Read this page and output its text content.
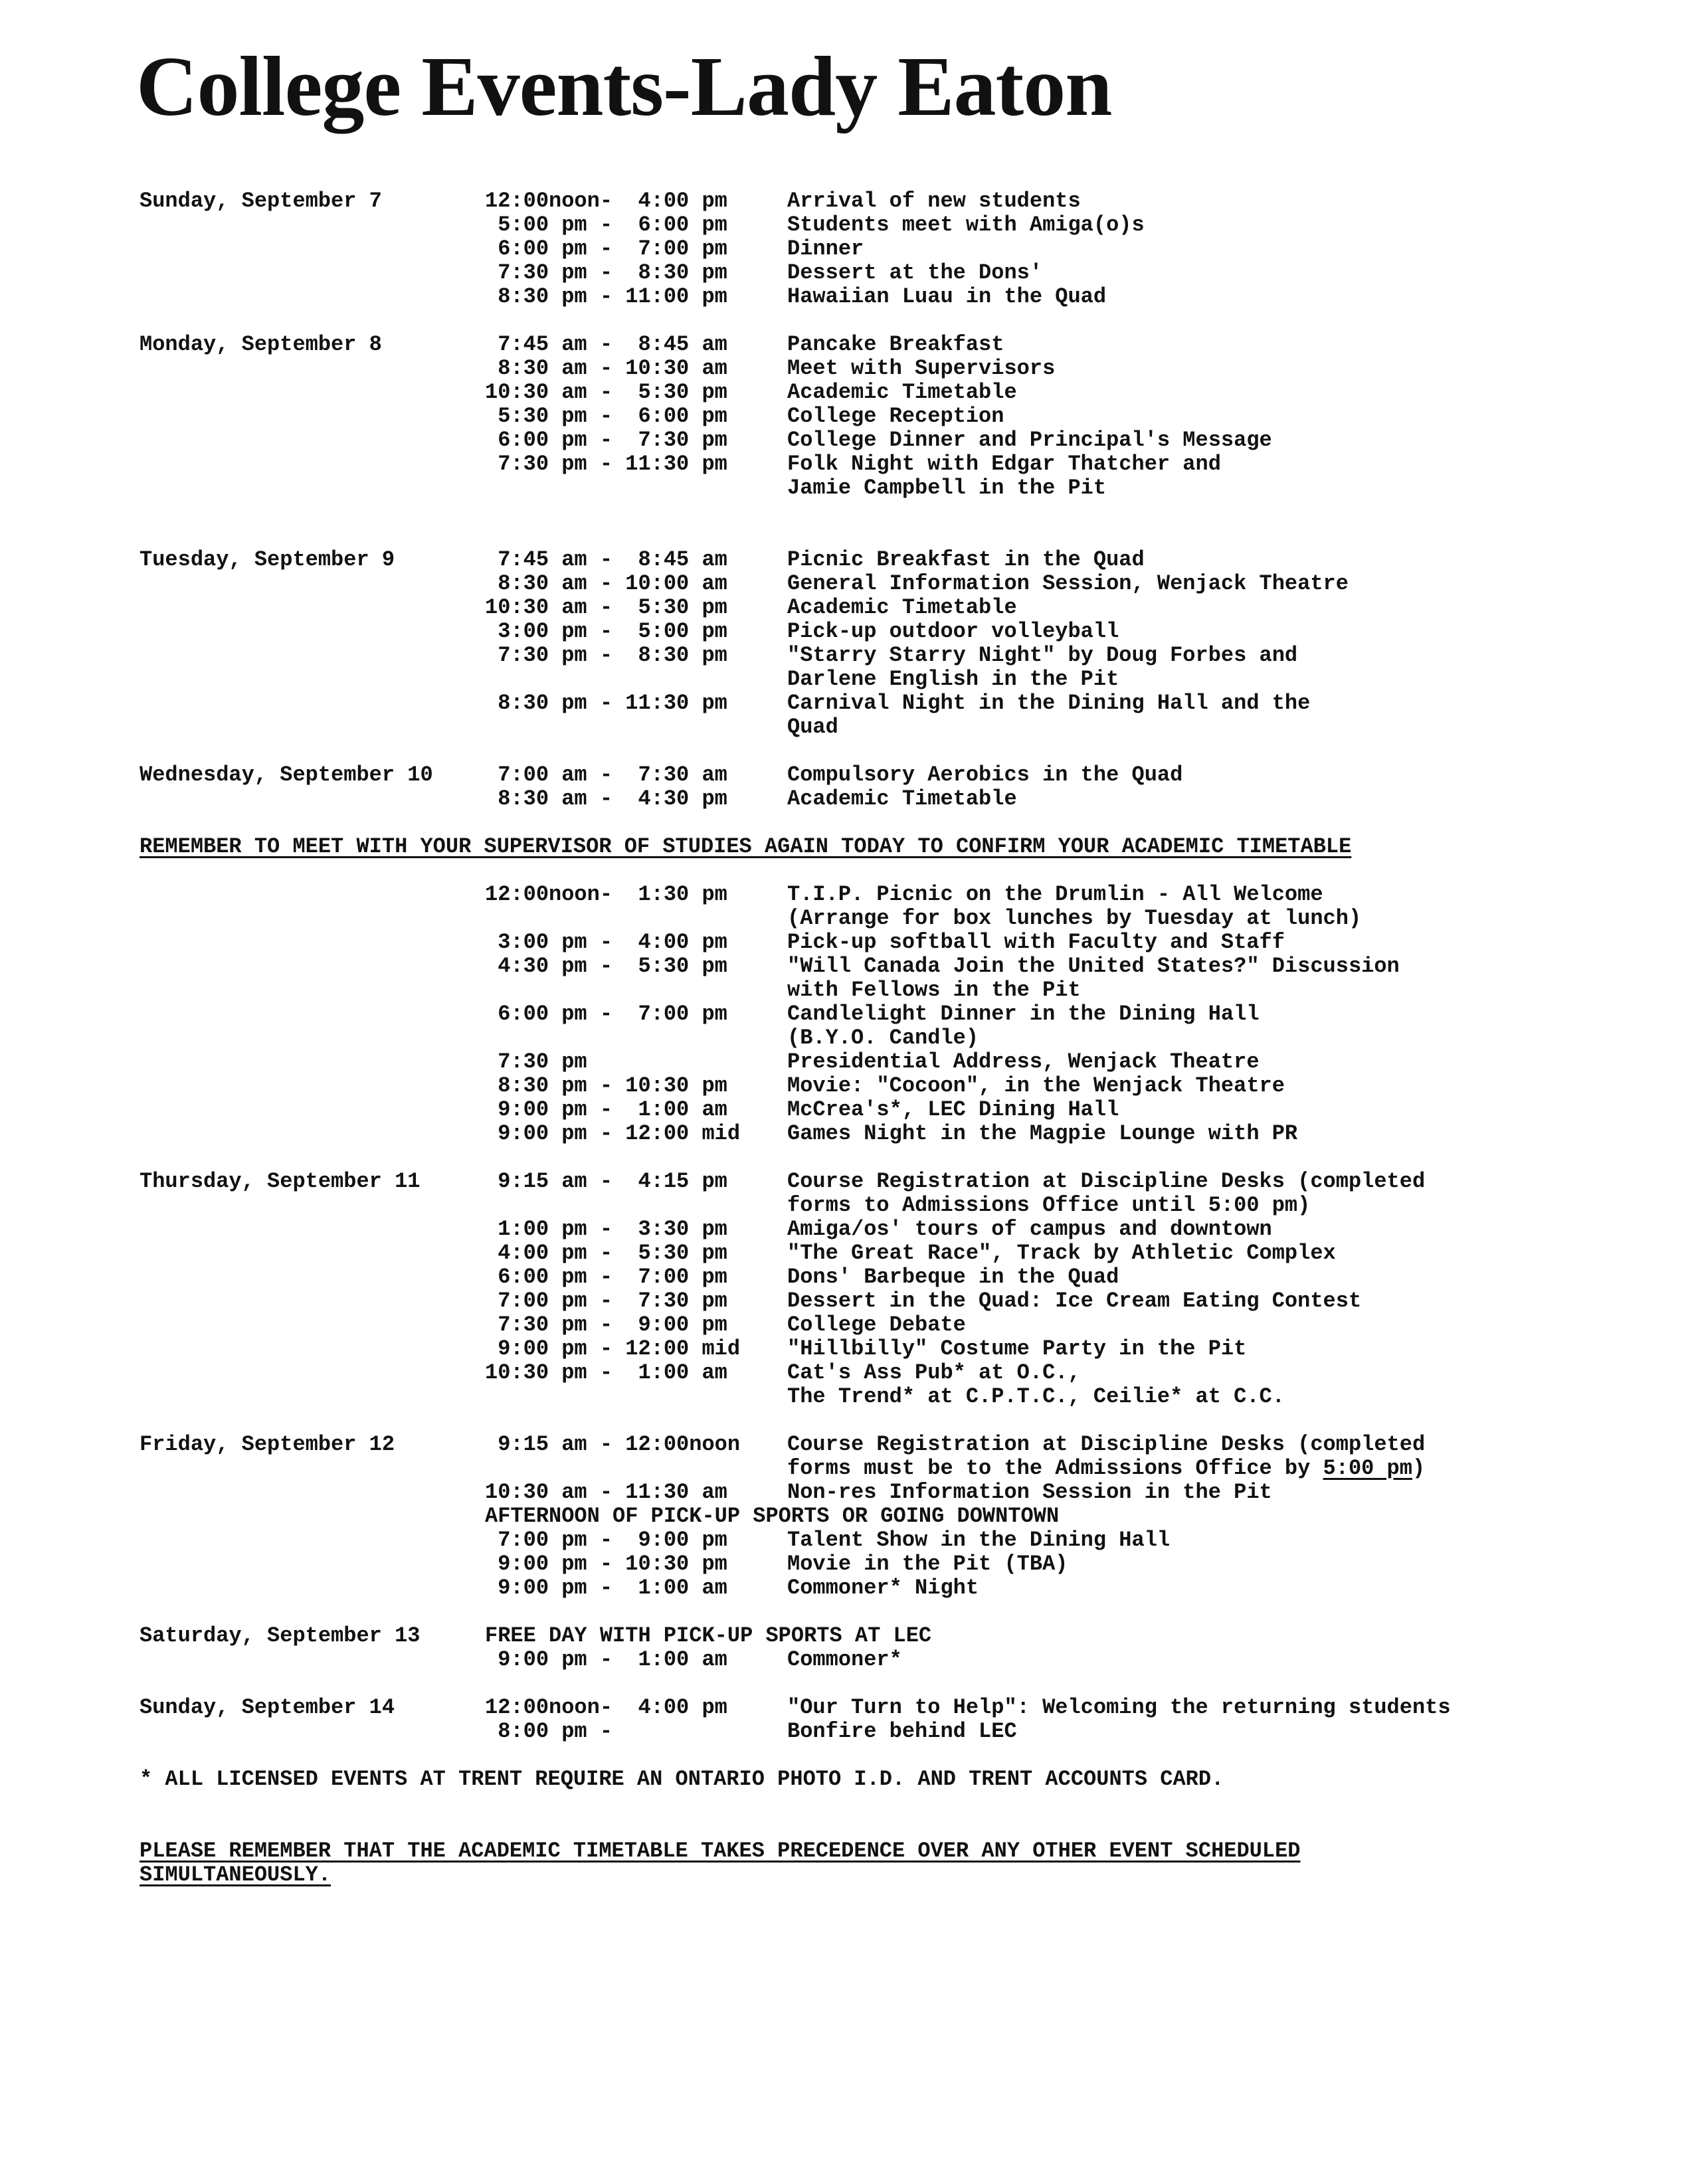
College Events-Lady Eaton
Sunday, September 7	12:00noon-  4:00 pm	Arrival of new students
5:00 pm -  6:00 pm	Students meet with Amiga(o)s
6:00 pm -  7:00 pm	Dinner
7:30 pm -  8:30 pm	Dessert at the Dons'
8:30 pm - 11:00 pm	Hawaiian Luau in the Quad
Monday, September 8	7:45 am -  8:45 am	Pancake Breakfast
8:30 am - 10:30 am	Meet with Supervisors
10:30 am -  5:30 pm	Academic Timetable
5:30 pm -  6:00 pm	College Reception
6:00 pm -  7:30 pm	College Dinner and Principal's Message
7:30 pm - 11:30 pm	Folk Night with Edgar Thatcher and
Jamie Campbell in the Pit
Tuesday, September 9	7:45 am -  8:45 am	Picnic Breakfast in the Quad
8:30 am - 10:00 am	General Information Session, Wenjack Theatre
10:30 am -  5:30 pm	Academic Timetable
3:00 pm -  5:00 pm	Pick-up outdoor volleyball
7:30 pm -  8:30 pm	"Starry Starry Night" by Doug Forbes and
Darlene English in the Pit
8:30 pm - 11:30 pm	Carnival Night in the Dining Hall and the
Quad
Wednesday, September 10	7:00 am -  7:30 am	Compulsory Aerobics in the Quad
8:30 am -  4:30 pm	Academic Timetable
REMEMBER TO MEET WITH YOUR SUPERVISOR OF STUDIES AGAIN TODAY TO CONFIRM YOUR ACADEMIC TIMETABLE
12:00noon-  1:30 pm	T.I.P. Picnic on the Drumlin - All Welcome
(Arrange for box lunches by Tuesday at lunch)
3:00 pm -  4:00 pm	Pick-up softball with Faculty and Staff
4:30 pm -  5:30 pm	"Will Canada Join the United States?" Discussion
with Fellows in the Pit
6:00 pm -  7:00 pm	Candlelight Dinner in the Dining Hall
(B.Y.O. Candle)
7:30 pm	Presidential Address, Wenjack Theatre
8:30 pm - 10:30 pm	Movie: "Cocoon", in the Wenjack Theatre
9:00 pm -  1:00 am	McCrea's*, LEC Dining Hall
9:00 pm - 12:00 mid	Games Night in the Magpie Lounge with PR
Thursday, September 11	9:15 am -  4:15 pm	Course Registration at Discipline Desks (completed
forms to Admissions Office until 5:00 pm)
1:00 pm -  3:30 pm	Amiga/os' tours of campus and downtown
4:00 pm -  5:30 pm	"The Great Race", Track by Athletic Complex
6:00 pm -  7:00 pm	Dons' Barbeque in the Quad
7:00 pm -  7:30 pm	Dessert in the Quad: Ice Cream Eating Contest
7:30 pm -  9:00 pm	College Debate
9:00 pm - 12:00 mid	"Hillbilly" Costume Party in the Pit
10:30 pm -  1:00 am	Cat's Ass Pub* at O.C.,
The Trend* at C.P.T.C., Ceilie* at C.C.
Friday, September 12	9:15 am - 12:00noon	Course Registration at Discipline Desks (completed
forms must be to the Admissions Office by 5:00 pm)
10:30 am - 11:30 am	Non-res Information Session in the Pit
AFTERNOON OF PICK-UP SPORTS OR GOING DOWNTOWN
7:00 pm -  9:00 pm	Talent Show in the Dining Hall
9:00 pm - 10:30 pm	Movie in the Pit (TBA)
9:00 pm -  1:00 am	Commoner* Night
Saturday, September 13	FREE DAY WITH PICK-UP SPORTS AT LEC
9:00 pm -  1:00 am	Commoner*
Sunday, September 14	12:00noon-  4:00 pm	"Our Turn to Help": Welcoming the returning students
8:00 pm -	Bonfire behind LEC
* ALL LICENSED EVENTS AT TRENT REQUIRE AN ONTARIO PHOTO I.D. AND TRENT ACCOUNTS CARD.
PLEASE REMEMBER THAT THE ACADEMIC TIMETABLE TAKES PRECEDENCE OVER ANY OTHER EVENT SCHEDULED
SIMULTANEOUSLY.
